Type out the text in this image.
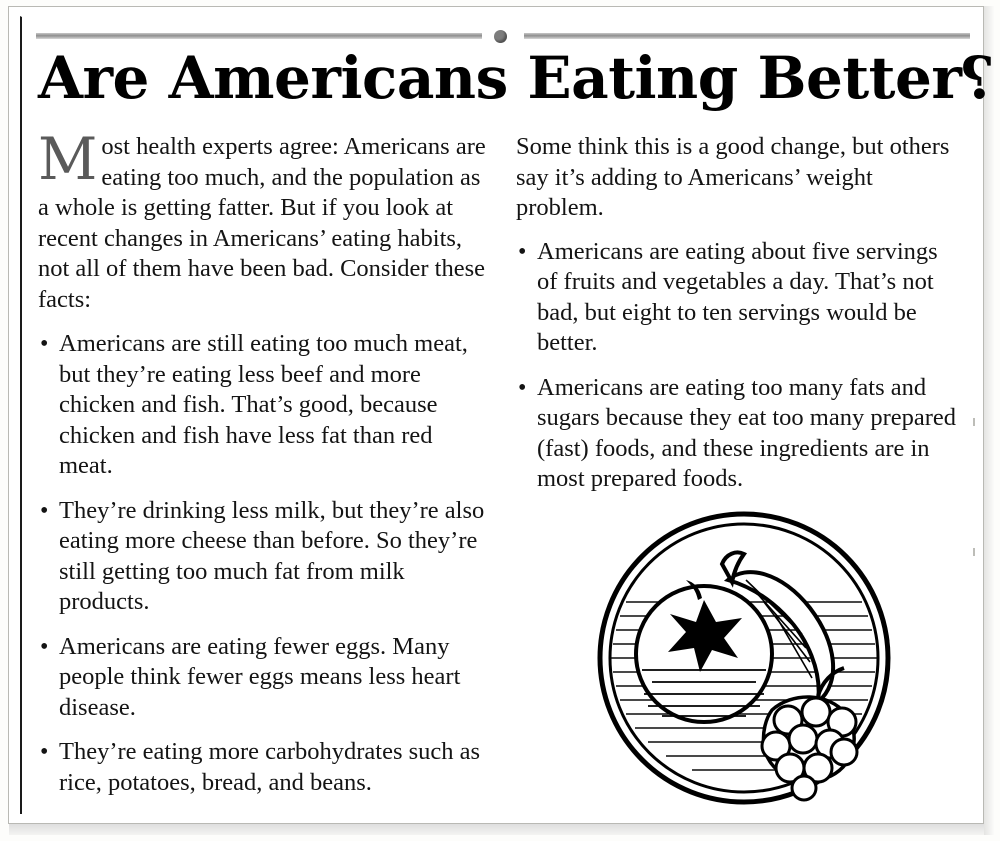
Are Americans Eating Better?

Most health experts agree: Americans are eating too much, and the population as a whole is getting fatter. But if you look at recent changes in Americans’ eating habits, not all of them have been bad. Consider these facts:

• Americans are still eating too much meat, but they’re eating less beef and more chicken and fish. That’s good, because chicken and fish have less fat than red meat.
• They’re drinking less milk, but they’re also eating more cheese than before. So they’re still getting too much fat from milk products.
• Americans are eating fewer eggs. Many people think fewer eggs means less heart disease.
• They’re eating more carbohydrates such as rice, potatoes, bread, and beans.

Some think this is a good change, but others say it’s adding to Americans’ weight problem.

• Americans are eating about five servings of fruits and vegetables a day. That’s not bad, but eight to ten servings would be better.
• Americans are eating too many fats and sugars because they eat too many prepared (fast) foods, and these ingredients are in most prepared foods.
